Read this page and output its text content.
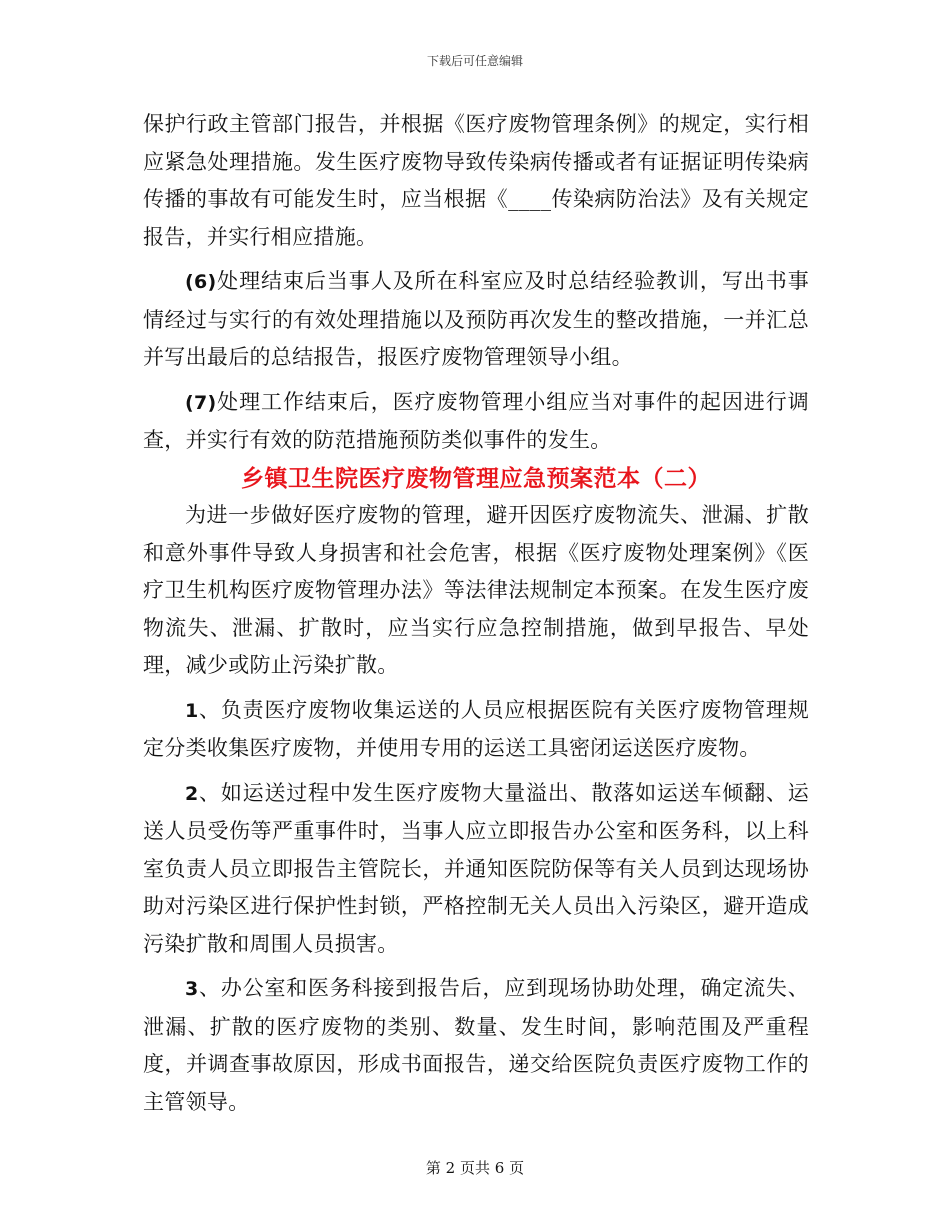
下载后可任意编辑

保护行政主管部门报告，并根据《医疗废物管理条例》的规定，实行相应紧急处理措施。发生医疗废物导致传染病传播或者有证据证明传染病传播的事故有可能发生时，应当根据《____传染病防治法》及有关规定报告，并实行相应措施。

(6)处理结束后当事人及所在科室应及时总结经验教训，写出书事情经过与实行的有效处理措施以及预防再次发生的整改措施，一并汇总并写出最后的总结报告，报医疗废物管理领导小组。

(7)处理工作结束后，医疗废物管理小组应当对事件的起因进行调查，并实行有效的防范措施预防类似事件的发生。

乡镇卫生院医疗废物管理应急预案范本（二）

为进一步做好医疗废物的管理，避开因医疗废物流失、泄漏、扩散和意外事件导致人身损害和社会危害，根据《医疗废物处理案例》《医疗卫生机构医疗废物管理办法》等法律法规制定本预案。在发生医疗废物流失、泄漏、扩散时，应当实行应急控制措施，做到早报告、早处理，减少或防止污染扩散。

1、负责医疗废物收集运送的人员应根据医院有关医疗废物管理规定分类收集医疗废物，并使用专用的运送工具密闭运送医疗废物。

2、如运送过程中发生医疗废物大量溢出、散落如运送车倾翻、运送人员受伤等严重事件时，当事人应立即报告办公室和医务科，以上科室负责人员立即报告主管院长，并通知医院防保等有关人员到达现场协助对污染区进行保护性封锁，严格控制无关人员出入污染区，避开造成污染扩散和周围人员损害。

3、办公室和医务科接到报告后，应到现场协助处理，确定流失、泄漏、扩散的医疗废物的类别、数量、发生时间，影响范围及严重程度，并调查事故原因，形成书面报告，递交给医院负责医疗废物工作的主管领导。

第 2 页共 6 页
